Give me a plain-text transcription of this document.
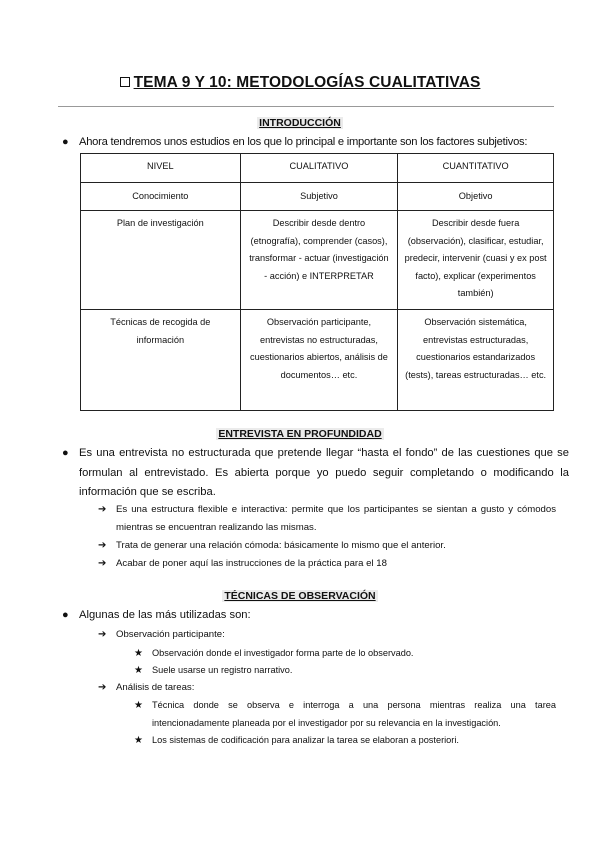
TEMA 9 Y 10: METODOLOGÍAS CUALITATIVAS
INTRODUCCIÓN
● Ahora tendremos unos estudios en los que lo principal e importante son los factores subjetivos:
NIVEL	CUALITATIVO	CUANTITATIVO
Conocimiento	Subjetivo	Objetivo
Plan de investigación	Describir desde dentro (etnografía), comprender (casos), transformar - actuar (investigación - acción) e INTERPRETAR	Describir desde fuera (observación), clasificar, estudiar, predecir, intervenir (cuasi y ex post facto), explicar (experimentos también)
Técnicas de recogida de información	Observación participante, entrevistas no estructuradas, cuestionarios abiertos, análisis de documentos… etc.	Observación sistemática, entrevistas estructuradas, cuestionarios estandarizados (tests), tareas estructuradas… etc.
ENTREVISTA EN PROFUNDIDAD
● Es una entrevista no estructurada que pretende llegar “hasta el fondo” de las cuestiones que se formulan al entrevistado. Es abierta porque yo puedo seguir completando o modificando la información que se escriba.
➔ Es una estructura flexible e interactiva: permite que los participantes se sientan a gusto y cómodos mientras se encuentran realizando las mismas.
➔ Trata de generar una relación cómoda: básicamente lo mismo que el anterior.
➔ Acabar de poner aquí las instrucciones de la práctica para el 18
TÉCNICAS DE OBSERVACIÓN
● Algunas de las más utilizadas son:
➔ Observación participante:
★ Observación donde el investigador forma parte de lo observado.
★ Suele usarse un registro narrativo.
➔ Análisis de tareas:
★ Técnica donde se observa e interroga a una persona mientras realiza una tarea intencionadamente planeada por el investigador por su relevancia en la investigación.
★ Los sistemas de codificación para analizar la tarea se elaboran a posteriori.
